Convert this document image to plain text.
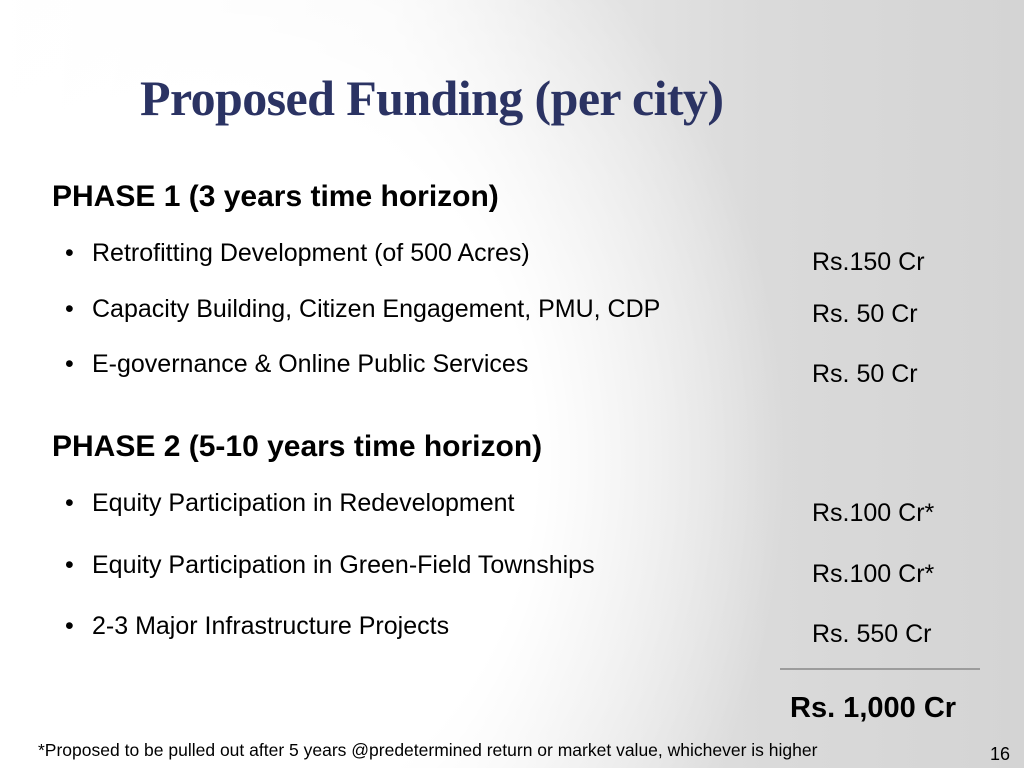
Proposed Funding (per city)
PHASE 1 (3 years time horizon)
• Retrofitting Development (of 500 Acres)	Rs.150 Cr
• Capacity Building, Citizen Engagement, PMU, CDP	Rs. 50 Cr
• E-governance & Online Public Services	Rs. 50 Cr
PHASE 2 (5-10 years time horizon)
• Equity Participation in Redevelopment	Rs.100 Cr*
• Equity Participation in Green-Field Townships	Rs.100 Cr*
• 2-3 Major Infrastructure Projects	Rs. 550 Cr
Rs. 1,000 Cr
*Proposed to be pulled out after 5 years @predetermined return or market value, whichever is higher	16
